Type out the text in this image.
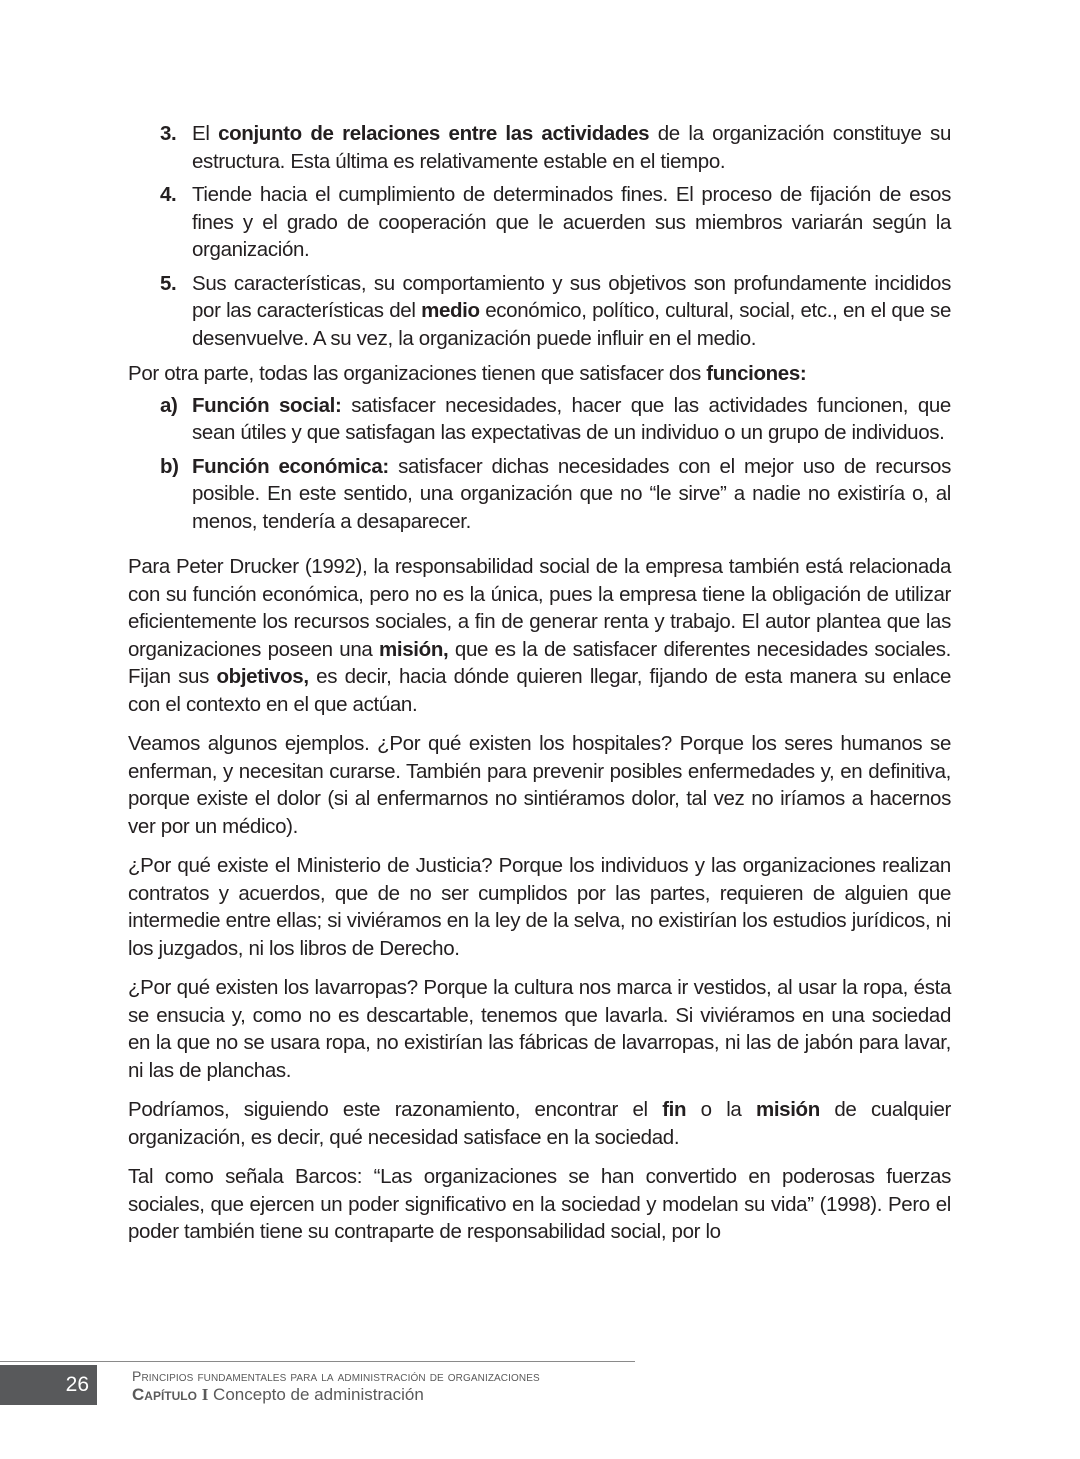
3. El conjunto de relaciones entre las actividades de la organización constituye su estructura. Esta última es relativamente estable en el tiempo.
4. Tiende hacia el cumplimiento de determinados fines. El proceso de fijación de esos fines y el grado de cooperación que le acuerden sus miembros variarán según la organización.
5. Sus características, su comportamiento y sus objetivos son profundamente incididos por las características del medio económico, político, cultural, social, etc., en el que se desenvuelve. A su vez, la organización puede influir en el medio.

Por otra parte, todas las organizaciones tienen que satisfacer dos funciones:

a) Función social: satisfacer necesidades, hacer que las actividades funcionen, que sean útiles y que satisfagan las expectativas de un individuo o un grupo de individuos.
b) Función económica: satisfacer dichas necesidades con el mejor uso de recursos posible. En este sentido, una organización que no “le sirve” a nadie no existiría o, al menos, tendería a desaparecer.

Para Peter Drucker (1992), la responsabilidad social de la empresa también está relacionada con su función económica, pero no es la única, pues la empresa tiene la obligación de utilizar eficientemente los recursos sociales, a fin de generar renta y trabajo. El autor plantea que las organizaciones poseen una misión, que es la de satisfacer diferentes necesidades sociales. Fijan sus objetivos, es decir, hacia dónde quieren llegar, fijando de esta manera su enlace con el contexto en el que actúan.

Veamos algunos ejemplos. ¿Por qué existen los hospitales? Porque los seres humanos se enferman, y necesitan curarse. También para prevenir posibles enfermedades y, en definitiva, porque existe el dolor (si al enfermarnos no sintiéramos dolor, tal vez no iríamos a hacernos ver por un médico).

¿Por qué existe el Ministerio de Justicia? Porque los individuos y las organizaciones realizan contratos y acuerdos, que de no ser cumplidos por las partes, requieren de alguien que intermedie entre ellas; si viviéramos en la ley de la selva, no existirían los estudios jurídicos, ni los juzgados, ni los libros de Derecho.

¿Por qué existen los lavarropas? Porque la cultura nos marca ir vestidos, al usar la ropa, ésta se ensucia y, como no es descartable, tenemos que lavarla. Si viviéramos en una sociedad en la que no se usara ropa, no existirían las fábricas de lavarropas, ni las de jabón para lavar, ni las de planchas.

Podríamos, siguiendo este razonamiento, encontrar el fin o la misión de cualquier organización, es decir, qué necesidad satisface en la sociedad.

Tal como señala Barcos: “Las organizaciones se han convertido en poderosas fuerzas sociales, que ejercen un poder significativo en la sociedad y modelan su vida” (1998). Pero el poder también tiene su contraparte de responsabilidad social, por lo

26	Principios fundamentales para la administración de organizaciones
Capítulo I Concepto de administración
